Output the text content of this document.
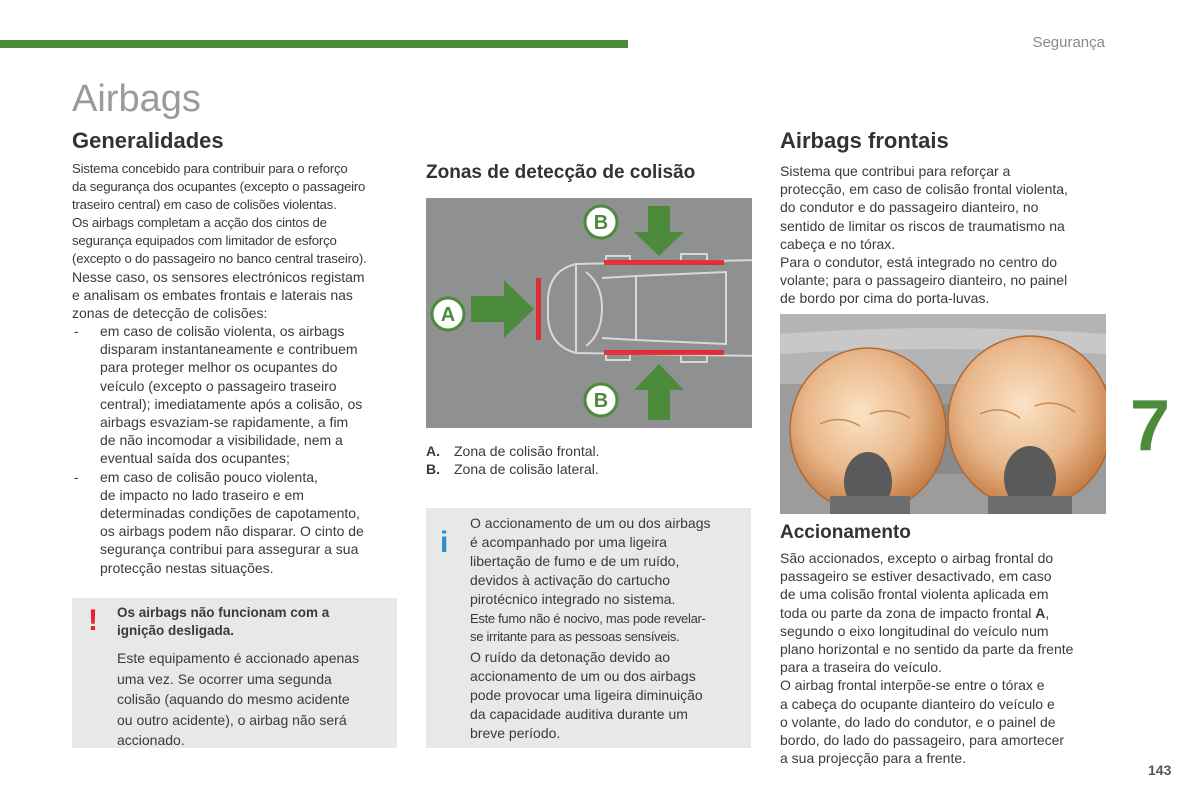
Segurança
Airbags
Generalidades
Sistema concebido para contribuir para o reforço
da segurança dos ocupantes (excepto o passageiro
traseiro central) em caso de colisões violentas.
Os airbags completam a acção dos cintos de
segurança equipados com limitador de esforço
(excepto o do passageiro no banco central traseiro).
Nesse caso, os sensores electrónicos registam
e analisam os embates frontais e laterais nas
zonas de detecção de colisões:
- em caso de colisão violenta, os airbags
disparam instantaneamente e contribuem
para proteger melhor os ocupantes do
veículo (excepto o passageiro traseiro
central); imediatamente após a colisão, os
airbags esvaziam-se rapidamente, a fim
de não incomodar a visibilidade, nem a
eventual saída dos ocupantes;
- em caso de colisão pouco violenta,
de impacto no lado traseiro e em
determinadas condições de capotamento,
os airbags podem não disparar. O cinto de
segurança contribui para assegurar a sua
protecção nestas situações.
! Os airbags não funcionam com a
ignição desligada.
Este equipamento é accionado apenas
uma vez. Se ocorrer uma segunda
colisão (aquando do mesmo acidente
ou outro acidente), o airbag não será
accionado.
Zonas de detecção de colisão
A
B
B
A. Zona de colisão frontal.
B. Zona de colisão lateral.
i
O accionamento de um ou dos airbags
é acompanhado por uma ligeira
libertação de fumo e de um ruído,
devidos à activação do cartucho
pirotécnico integrado no sistema.
Este fumo não é nocivo, mas pode revelar-
se irritante para as pessoas sensíveis.
O ruído da detonação devido ao
accionamento de um ou dos airbags
pode provocar uma ligeira diminuição
da capacidade auditiva durante um
breve período.
Airbags frontais
Sistema que contribui para reforçar a
protecção, em caso de colisão frontal violenta,
do condutor e do passageiro dianteiro, no
sentido de limitar os riscos de traumatismo na
cabeça e no tórax.
Para o condutor, está integrado no centro do
volante; para o passageiro dianteiro, no painel
de bordo por cima do porta-luvas.
Accionamento
São accionados, excepto o airbag frontal do
passageiro se estiver desactivado, em caso
de uma colisão frontal violenta aplicada em
toda ou parte da zona de impacto frontal A,
segundo o eixo longitudinal do veículo num
plano horizontal e no sentido da parte da frente
para a traseira do veículo.
O airbag frontal interpõe-se entre o tórax e
a cabeça do ocupante dianteiro do veículo e
o volante, do lado do condutor, e o painel de
bordo, do lado do passageiro, para amortecer
a sua projecção para a frente.
7
143
